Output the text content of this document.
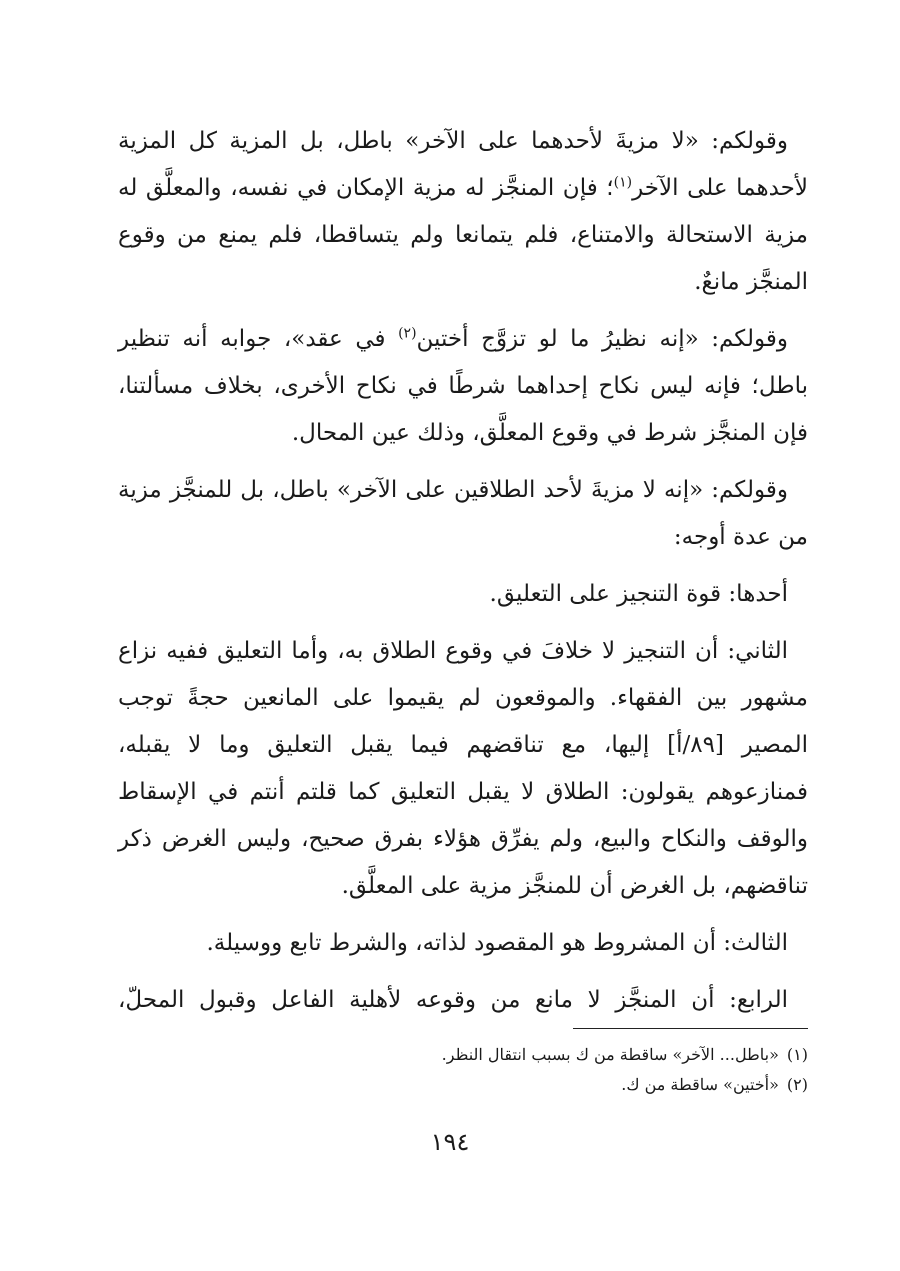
وقولكم: «لا مزيةَ لأحدهما على الآخر» باطل، بل المزية كل المزية لأحدهما على الآخر$^{(١)}$؛ فإن المنجَّز له مزية الإمكان في نفسه، والمعلَّق له مزية الاستحالة والامتناع، فلم يتمانعا ولم يتساقطا، فلم يمنع من وقوع المنجَّز مانعٌ.

وقولكم: «إنه نظيرُ ما لو تزوَّج أختين$^{(٢)}$ في عقد»، جوابه أنه تنظير باطل؛ فإنه ليس نكاح إحداهما شرطًا في نكاح الأخرى، بخلاف مسألتنا، فإن المنجَّز شرط في وقوع المعلَّق، وذلك عين المحال.

وقولكم: «إنه لا مزيةَ لأحد الطلاقين على الآخر» باطل، بل للمنجَّز مزية من عدة أوجه:

أحدها: قوة التنجيز على التعليق.

الثاني: أن التنجيز لا خلافَ في وقوع الطلاق به، وأما التعليق ففيه نزاع مشهور بين الفقهاء. والموقعون لم يقيموا على المانعين حجةً توجب المصير [٨٩/أ] إليها، مع تناقضهم فيما يقبل التعليق وما لا يقبله، فمنازعوهم يقولون: الطلاق لا يقبل التعليق كما قلتم أنتم في الإسقاط والوقف والنكاح والبيع، ولم يفرِّق هؤلاء بفرق صحيح، وليس الغرض ذكر تناقضهم، بل الغرض أن للمنجَّز مزية على المعلَّق.

الثالث: أن المشروط هو المقصود لذاته، والشرط تابع ووسيلة.

الرابع: أن المنجَّز لا مانع من وقوعه لأهلية الفاعل وقبول المحلّ،

(١)«باطل... الآخر» ساقطة من ك بسبب انتقال النظر.

(٢)«أختين» ساقطة من ك.

١٩٤
